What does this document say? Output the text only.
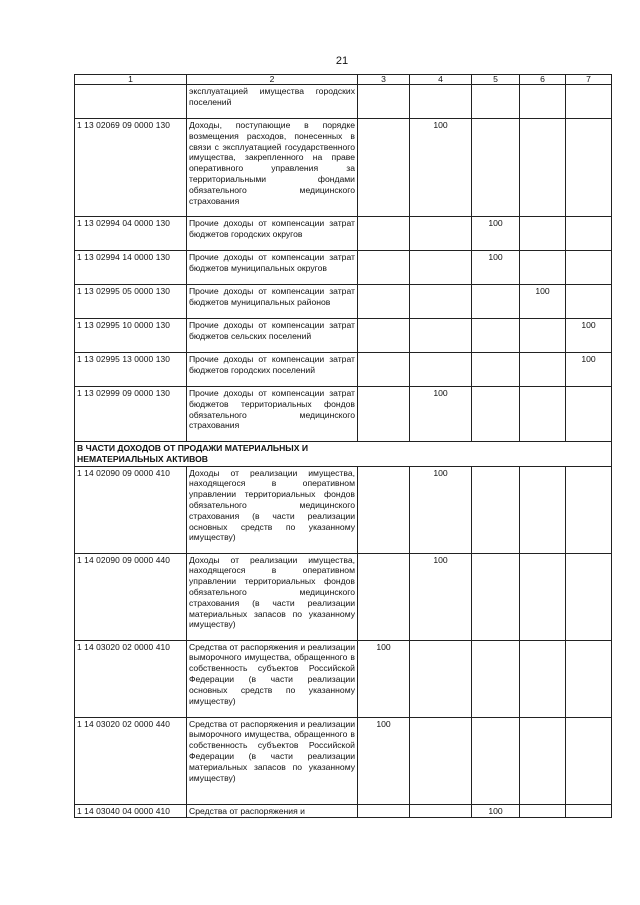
21
1	2	3	4	5	6	7
	эксплуатацией имущества городских поселений					
1 13 02069 09 0000 130	Доходы, поступающие в порядке возмещения расходов, понесенных в связи с эксплуатацией государственного имущества, закрепленного на праве оперативного управления за территориальными фондами обязательного медицинского страхования		100			
1 13 02994 04 0000 130	Прочие доходы от компенсации затрат бюджетов городских округов			100		
1 13 02994 14 0000 130	Прочие доходы от компенсации затрат бюджетов муниципальных округов			100		
1 13 02995 05 0000 130	Прочие доходы от компенсации затрат бюджетов муниципальных районов				100	
1 13 02995 10 0000 130	Прочие доходы от компенсации затрат бюджетов сельских поселений					100
1 13 02995 13 0000 130	Прочие доходы от компенсации затрат бюджетов городских поселений					100
1 13 02999 09 0000 130	Прочие доходы от компенсации затрат бюджетов территориальных фондов обязательного медицинского страхования		100			
В ЧАСТИ ДОХОДОВ ОТ ПРОДАЖИ МАТЕРИАЛЬНЫХ И НЕМАТЕРИАЛЬНЫХ АКТИВОВ						
1 14 02090 09 0000 410	Доходы от реализации имущества, находящегося в оперативном управлении территориальных фондов обязательного медицинского страхования (в части реализации основных средств по указанному имуществу)		100			
1 14 02090 09 0000 440	Доходы от реализации имущества, находящегося в оперативном управлении территориальных фондов обязательного медицинского страхования (в части реализации материальных запасов по указанному имуществу)		100			
1 14 03020 02 0000 410	Средства от распоряжения и реализации выморочного имущества, обращенного в собственность субъектов Российской Федерации (в части реализации основных средств по указанному имуществу)	100				
1 14 03020 02 0000 440	Средства от распоряжения и реализации выморочного имущества, обращенного в собственность субъектов Российской Федерации (в части реализации материальных запасов по указанному имуществу)	100				
1 14 03040 04 0000 410	Средства от распоряжения и			100		
